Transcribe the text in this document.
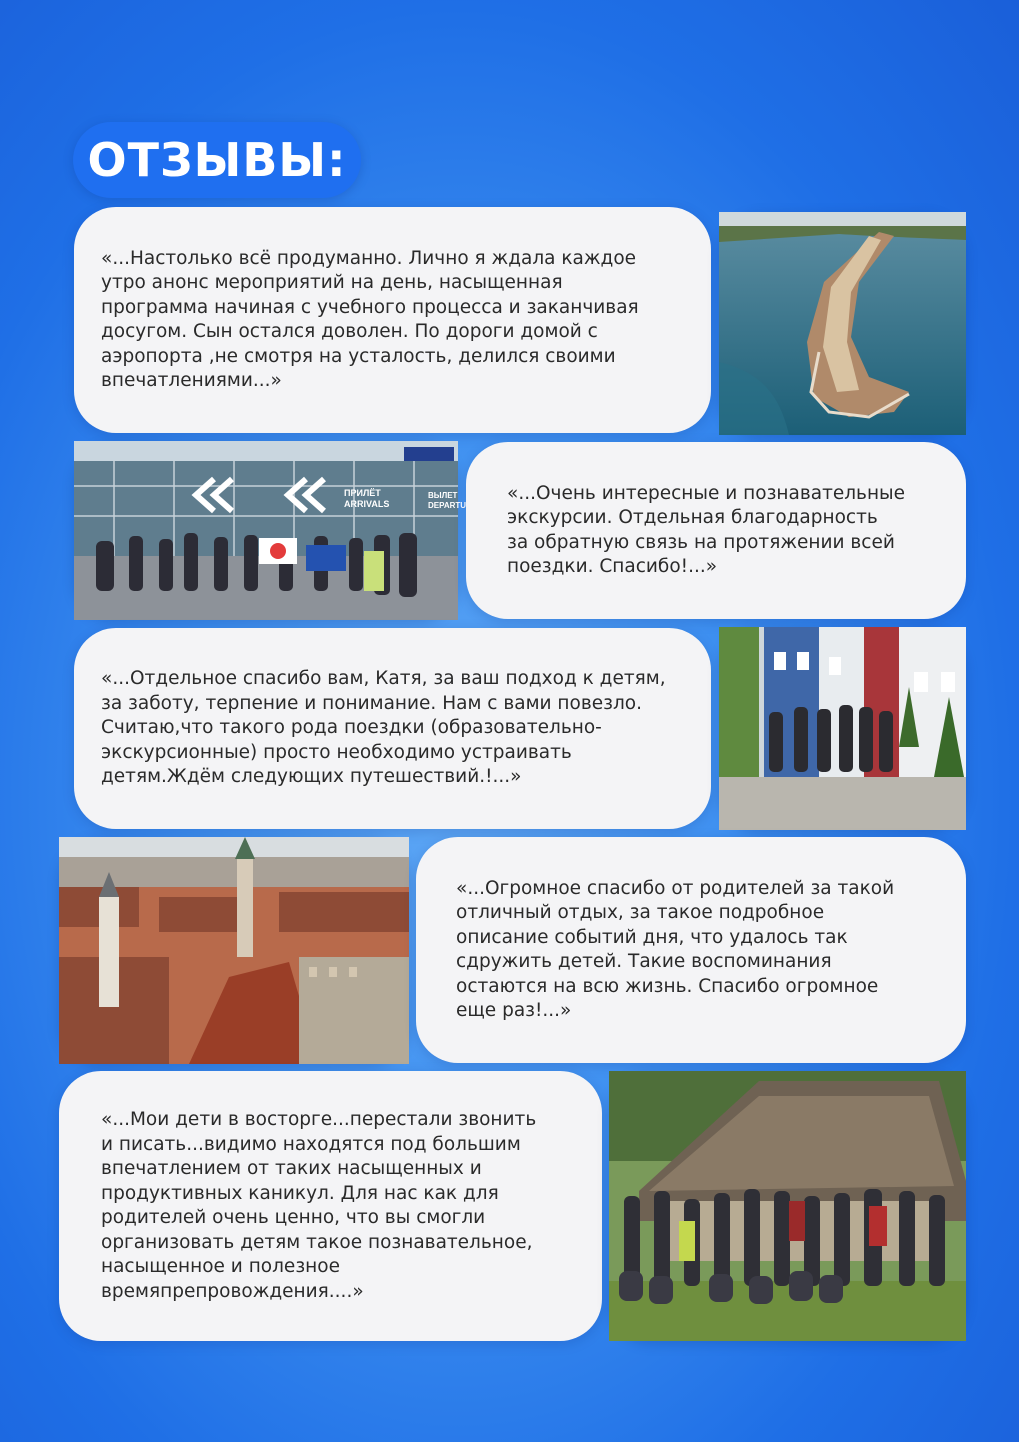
ОТЗЫВЫ:

«...Настолько всё продуманно. Лично я ждала каждое
утро анонс мероприятий на день, насыщенная
программа начиная с учебного процесса и заканчивая
досугом. Сын остался доволен. По дороги домой с
аэропорта ,не смотря на усталость, делился своими
впечатлениями...»

ПРИЛЁТ
ARRIVALS
ВЫЛЕТ
DEPARTU

«...Очень интересные и познавательные
экскурсии. Отдельная благодарность
за обратную связь на протяжении всей
поездки. Спасибо!...»

«...Отдельное спасибо вам, Катя, за ваш подход к детям,
за заботу, терпение и понимание. Нам с вами повезло.
Считаю,что такого рода поездки (образовательно-
экскурсионные) просто необходимо устраивать
детям.Ждём следующих путешествий.!...»

«...Огромное спасибо от родителей за такой
отличный отдых, за такое подробное
описание событий дня, что удалось так
сдружить детей. Такие воспоминания
остаются на всю жизнь. Спасибо огромное
еще раз!...»

«...Мои дети в восторге...перестали звонить
и писать...видимо находятся под большим
впечатлением от таких насыщенных и
продуктивных каникул. Для нас как для
родителей очень ценно, что вы смогли
организовать детям такое познавательное,
насыщенное и полезное
времяпрепровождения....»
